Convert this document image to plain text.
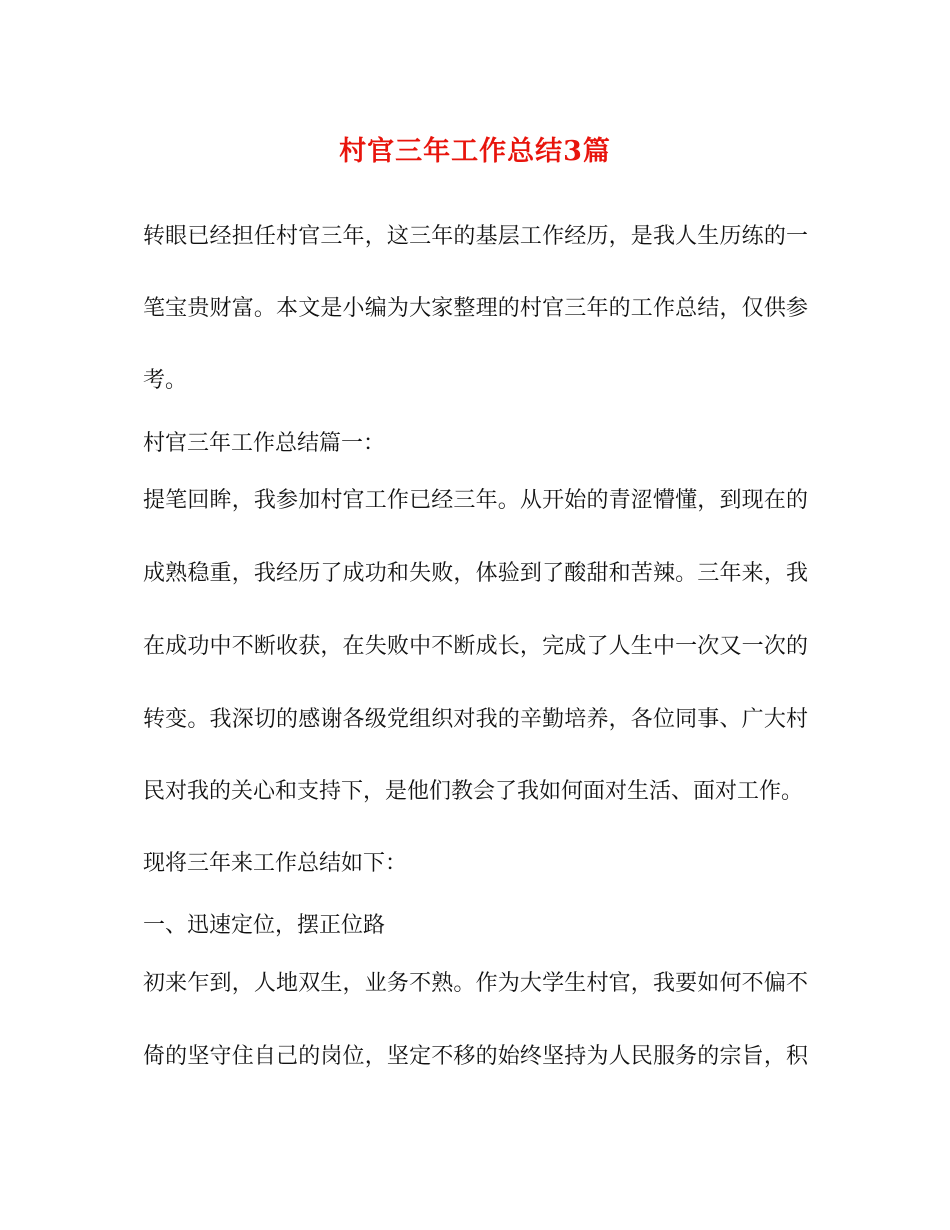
村官三年工作总结3篇
转眼已经担任村官三年，这三年的基层工作经历，是我人生历练的一
笔宝贵财富。本文是小编为大家整理的村官三年的工作总结，仅供参
考。
村官三年工作总结篇一：
提笔回眸，我参加村官工作已经三年。从开始的青涩懵懂，到现在的
成熟稳重，我经历了成功和失败，体验到了酸甜和苦辣。三年来，我
在成功中不断收获，在失败中不断成长，完成了人生中一次又一次的
转变。我深切的感谢各级党组织对我的辛勤培养，各位同事、广大村
民对我的关心和支持下，是他们教会了我如何面对生活、面对工作。
现将三年来工作总结如下：
一、迅速定位，摆正位路
初来乍到，人地双生，业务不熟。作为大学生村官，我要如何不偏不
倚的坚守住自己的岗位，坚定不移的始终坚持为人民服务的宗旨，积
